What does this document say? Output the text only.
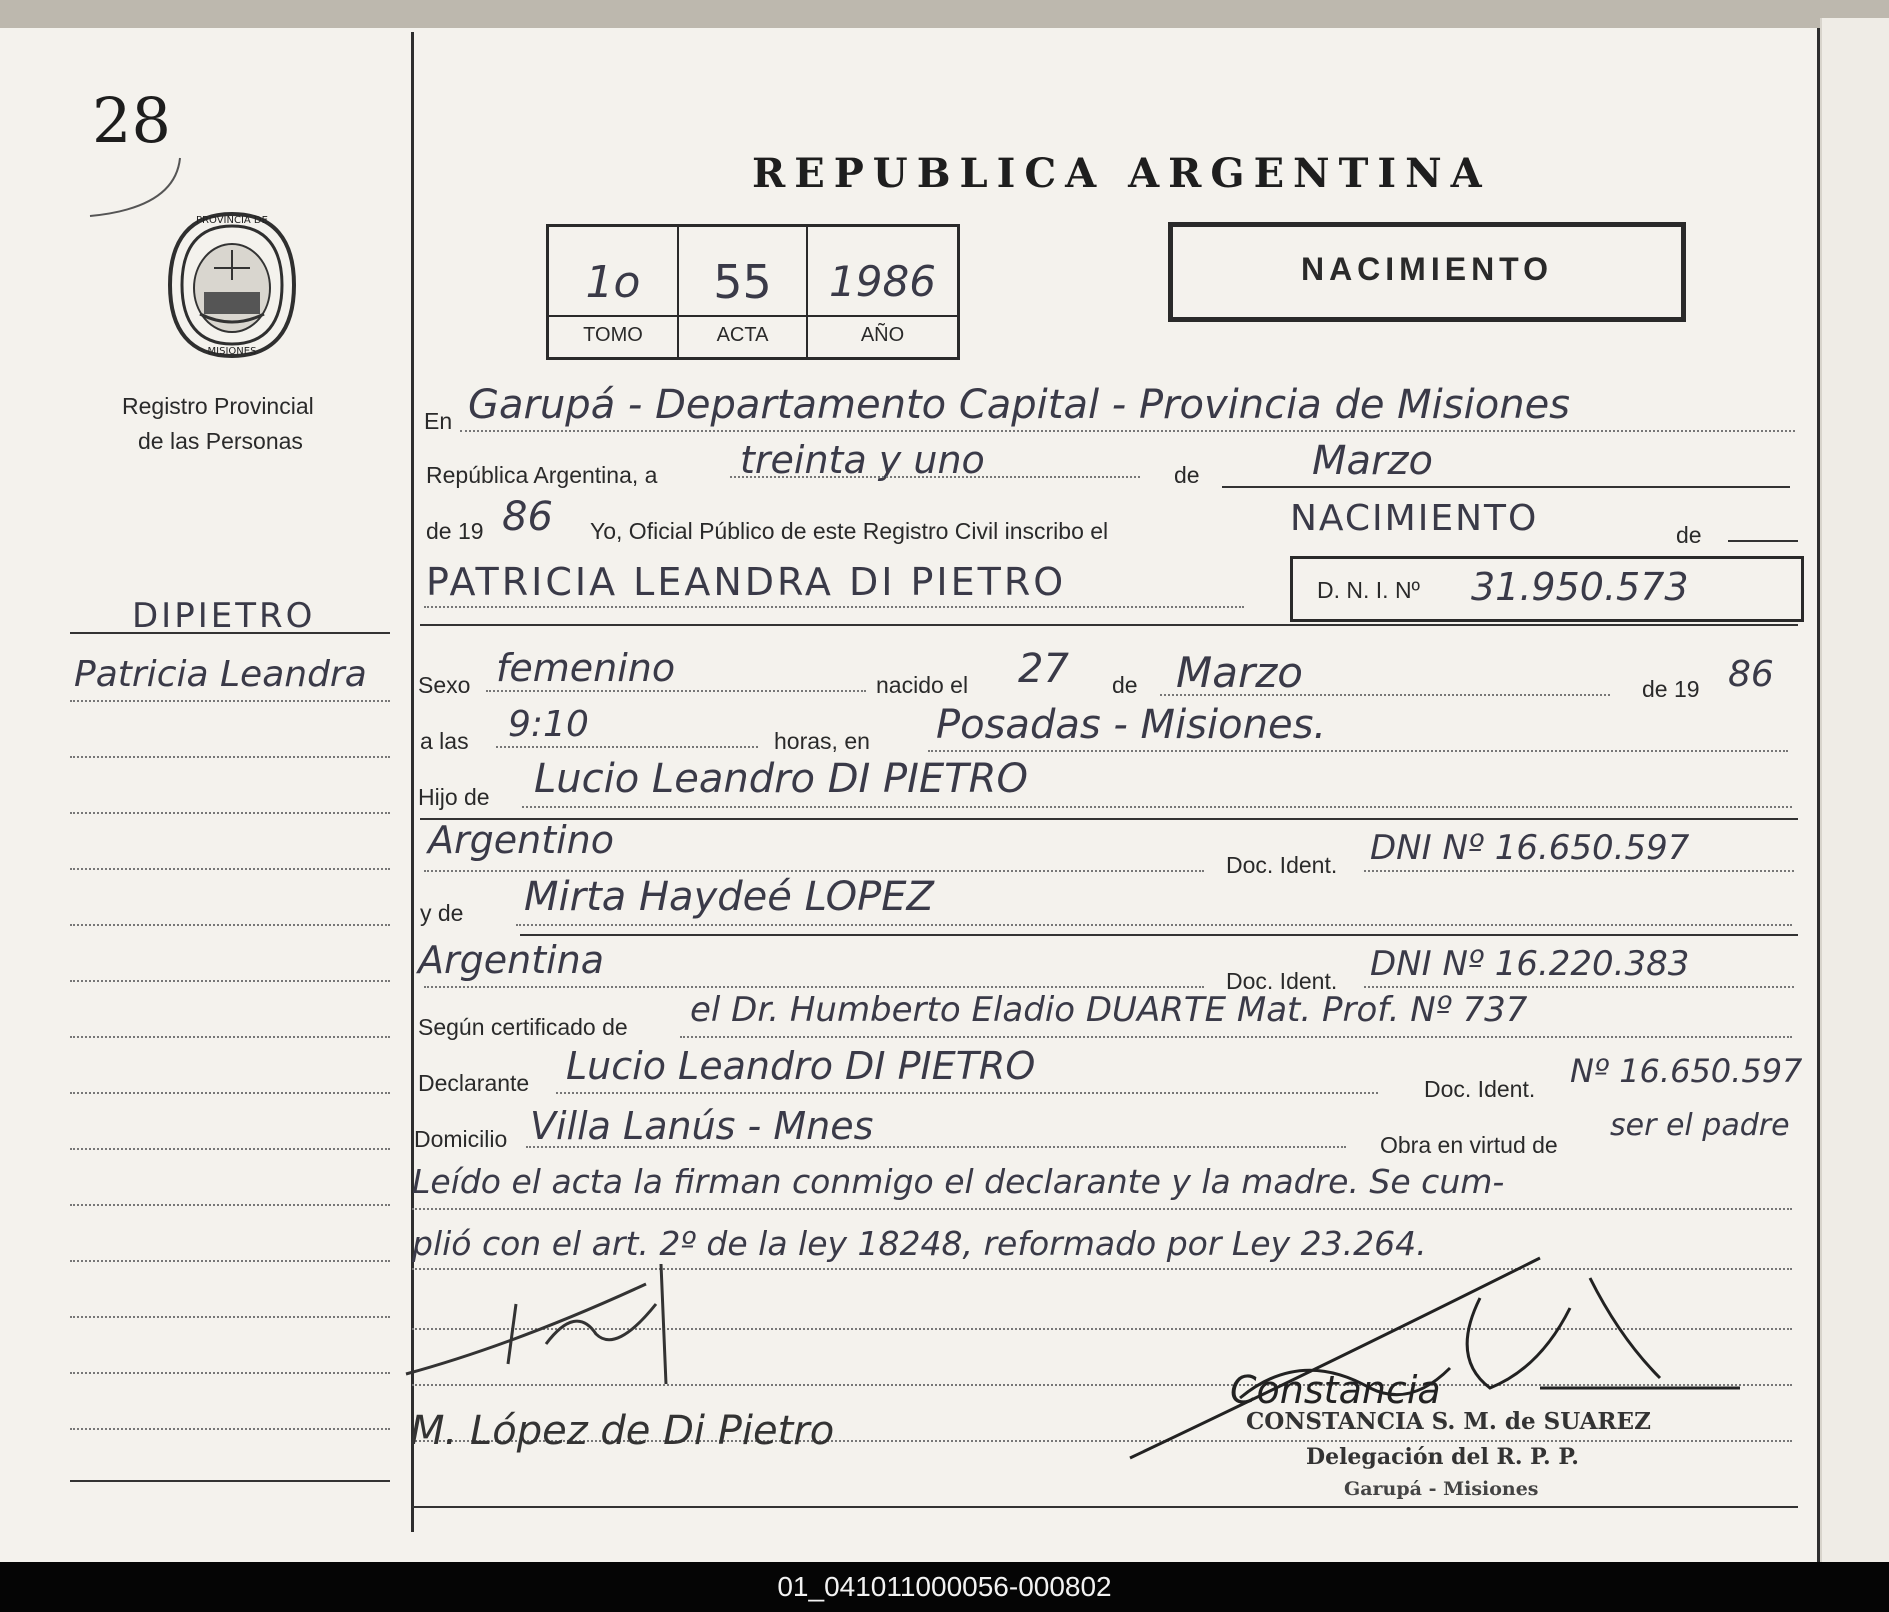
28
PROVINCIA DE
MISIONES
Registro Provincial
de las Personas
DIPIETRO
Patricia Leandra
REPUBLICA ARGENTINA
1o	55	1986
TOMO	ACTA	AÑO
NACIMIENTO
En Garupá - Departamento Capital - Provincia de Misiones
República Argentina, a treinta y uno	de	Marzo
de 19 86 Yo, Oficial Público de este Registro Civil inscribo el	NACIMIENTO	de
PATRICIA LEANDRA DI PIETRO	D. N. I. Nº 31.950.573
Sexo femenino	nacido el 27 de Marzo	de 19 86
a las 9:10	horas, en Posadas - Misiones.
Hijo de Lucio Leandro DI PIETRO
Argentino
Doc. Ident. DNI Nº 16.650.597
y de Mirta Haydeé LOPEZ
Argentina	Doc. Ident. DNI Nº 16.220.383
Según certificado de el Dr. Humberto Eladio DUARTE Mat. Prof. Nº 737
Declarante Lucio Leandro DI PIETRO
Doc. Ident. Nº 16.650.597
Domicilio Villa Lanús - Mnes	Obra en virtud de
ser el padre
Leído el acta la firman conmigo el declarante y la madre. Se cum-
plió con el art. 2º de la ley 18248, reformado por Ley 23.264.
M. López de Di Pietro
Constancia
CONSTANCIA S. M. de SUAREZ
Delegación del R. P. P.
Garupá - Misiones
01_041011000056-000802
